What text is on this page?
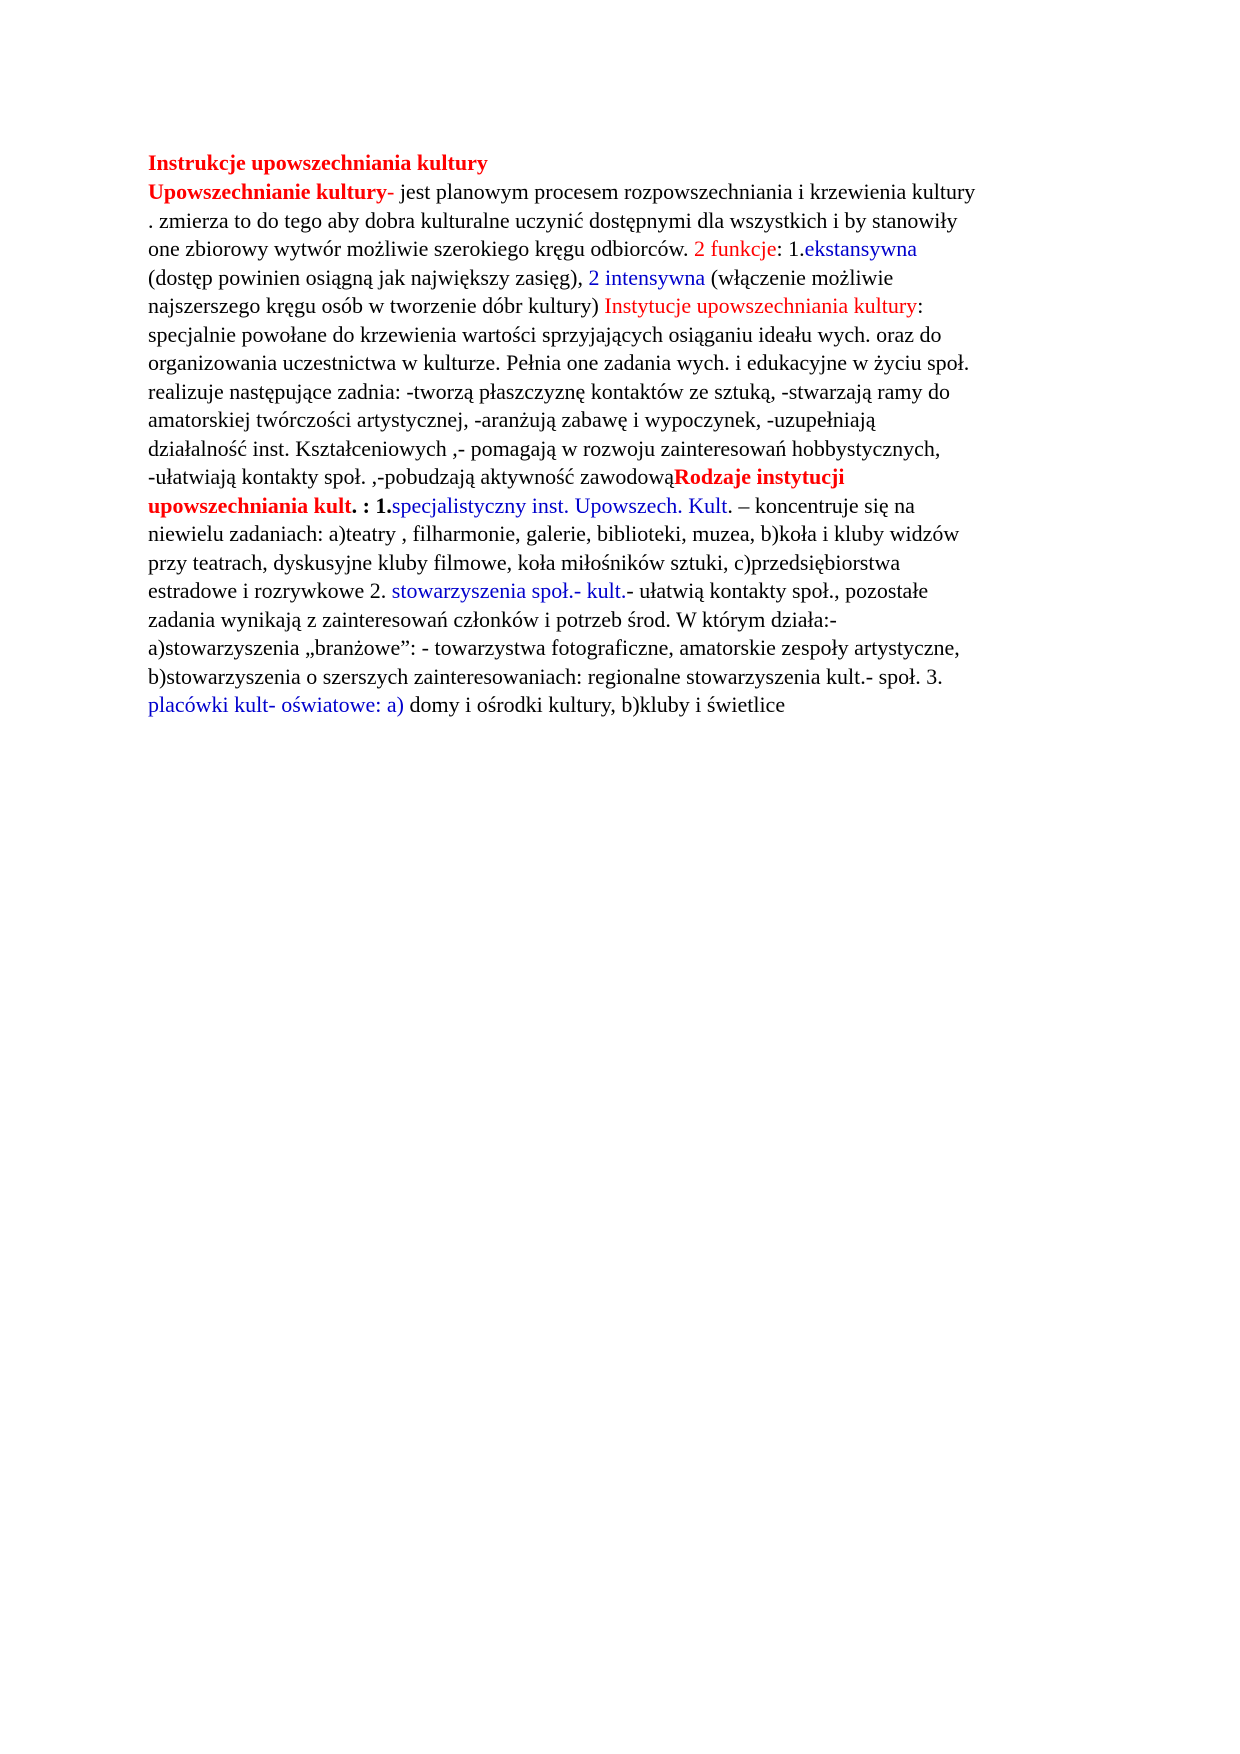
Instrukcje upowszechniania kultury
Upowszechnianie kultury- jest planowym procesem rozpowszechniania i krzewienia kultury
. zmierza to do tego aby dobra kulturalne uczynić dostępnymi dla wszystkich i by stanowiły
one zbiorowy wytwór możliwie szerokiego kręgu odbiorców. 2 funkcje: 1.ekstansywna
(dostęp powinien osiągną jak największy zasięg), 2 intensywna (włączenie możliwie
najszerszego kręgu osób w tworzenie dóbr kultury) Instytucje upowszechniania kultury:
specjalnie powołane do krzewienia wartości sprzyjających osiąganiu ideału wych. oraz do
organizowania uczestnictwa w kulturze. Pełnia one zadania wych. i edukacyjne w życiu społ.
realizuje następujące zadnia: -tworzą płaszczyznę kontaktów ze sztuką, -stwarzają ramy do
amatorskiej twórczości artystycznej, -aranżują zabawę i wypoczynek, -uzupełniają
działalność inst. Kształceniowych ,- pomagają w rozwoju zainteresowań hobbystycznych,
-ułatwiają kontakty społ. ,-pobudzają aktywność zawodowąRodzaje instytucji
upowszechniania kult. : 1.specjalistyczny inst. Upowszech. Kult. – koncentruje się na
niewielu zadaniach: a)teatry , filharmonie, galerie, biblioteki, muzea, b)koła i kluby widzów
przy teatrach, dyskusyjne kluby filmowe, koła miłośników sztuki, c)przedsiębiorstwa
estradowe i rozrywkowe 2. stowarzyszenia społ.- kult.- ułatwią kontakty społ., pozostałe
zadania wynikają z zainteresowań członków i potrzeb środ. W którym działa:-
a)stowarzyszenia „branżowe”: - towarzystwa fotograficzne, amatorskie zespoły artystyczne,
b)stowarzyszenia o szerszych zainteresowaniach: regionalne stowarzyszenia kult.- społ. 3.
placówki kult- oświatowe: a) domy i ośrodki kultury, b)kluby i świetlice
